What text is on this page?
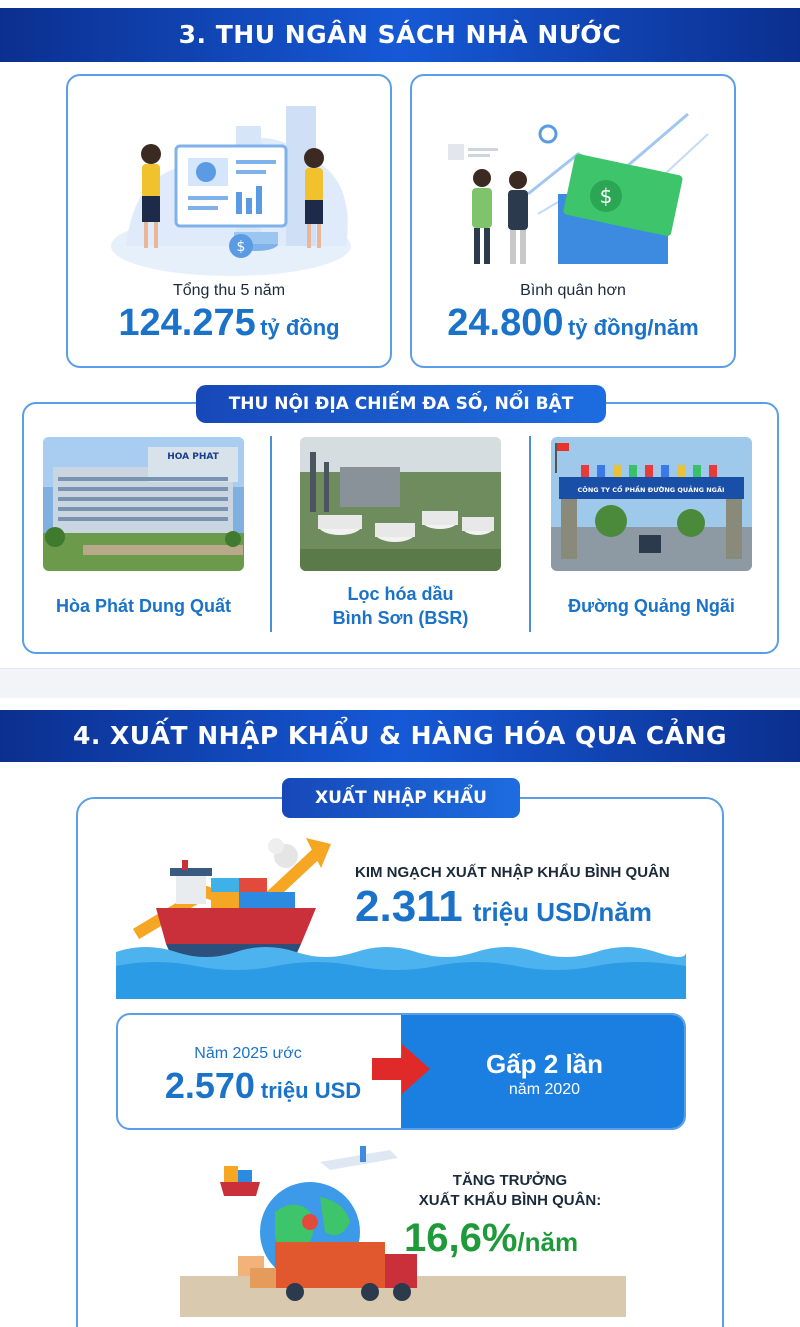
3. THU NGÂN SÁCH NHÀ NƯỚC
$
Tổng thu 5 năm
124.275 tỷ đồng
$
Bình quân hơn
24.800 tỷ đồng/năm
THU NỘI ĐỊA CHIẾM ĐA SỐ, NỔI BẬT
HOA PHAT
CÔNG TY CỔ PHẦN ĐƯỜNG QUẢNG NGÃI
Hòa Phát Dung Quất
Lọc hóa dầu
Bình Sơn (BSR)
Đường Quảng Ngãi
4. XUẤT NHẬP KHẨU & HÀNG HÓA QUA CẢNG
XUẤT NHẬP KHẨU
KIM NGẠCH XUẤT NHẬP KHẨU BÌNH QUÂN
2.311 triệu USD/năm
Năm 2025 ước
2.570 triệu USD
Gấp 2 lần
năm 2020
TĂNG TRƯỞNG
XUẤT KHẨU BÌNH QUÂN:
16,6%/năm
